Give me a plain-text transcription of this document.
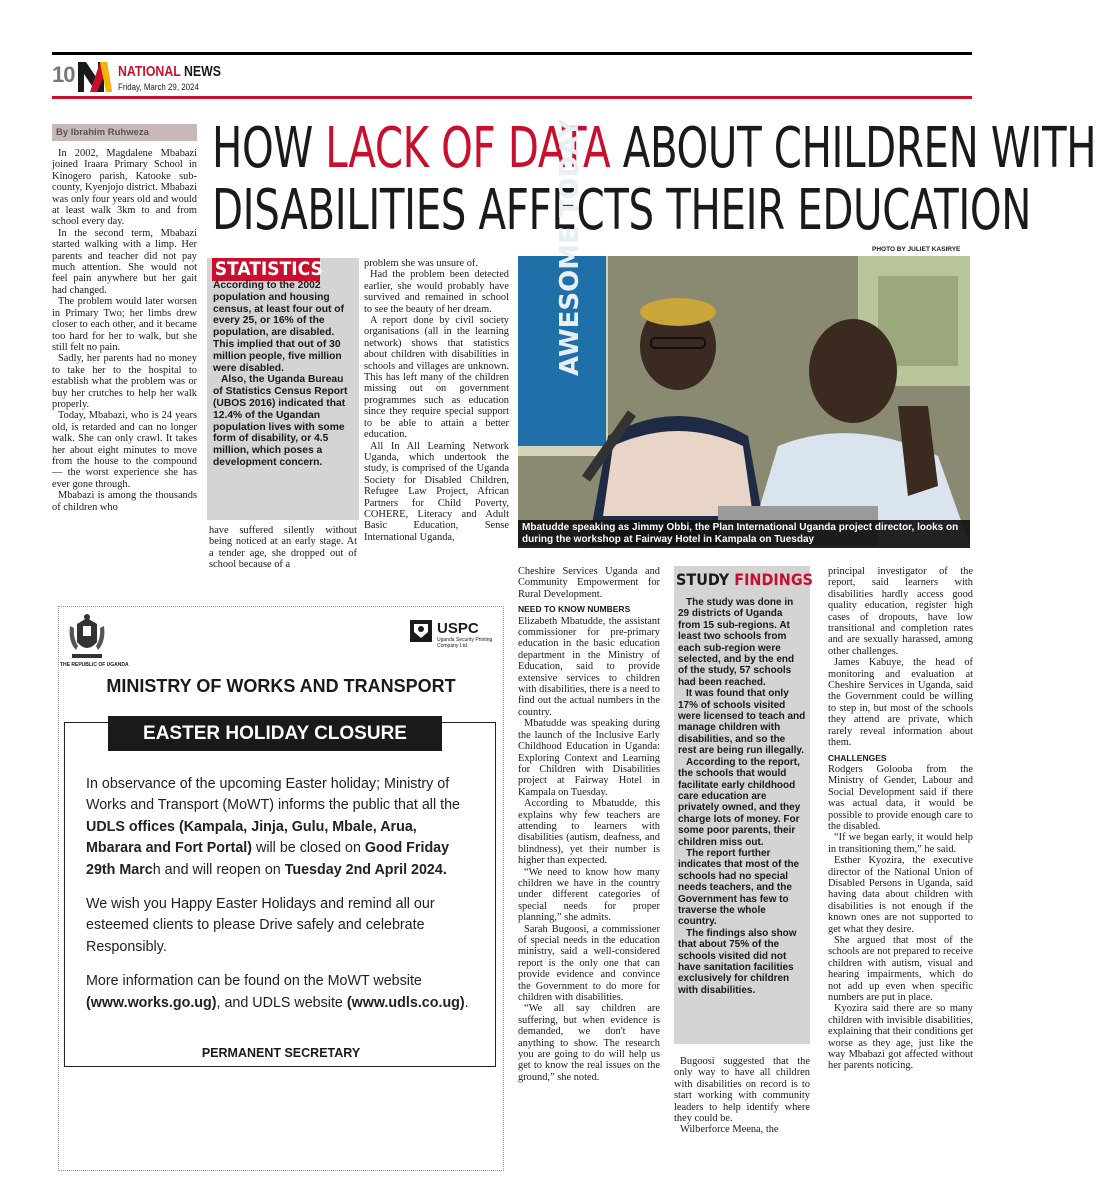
10	NATIONAL NEWS
Friday, March 29, 2024
By Ibrahim Ruhweza

In 2002, Magdalene Mbabazi joined Iraara Primary School in Kinogero parish, Katooke sub-county, Kyenjojo district. Mbabazi was only four years old and would at least walk 3km to and from school every day.

In the second term, Mbabazi started walking with a limp. Her parents and teacher did not pay much attention. She would not feel pain anywhere but her gait had changed.

The problem would later worsen in Primary Two; her limbs drew closer to each other, and it became too hard for her to walk, but she still felt no pain.

Sadly, her parents had no money to take her to the hospital to establish what the problem was or buy her crutches to help her walk properly.

Today, Mbabazi, who is 24 years old, is retarded and can no longer walk. She can only crawl. It takes her about eight minutes to move from the house to the compound — the worst experience she has ever gone through.

Mbabazi is among the thousands of children who

HOW LACK OF DATA ABOUT CHILDREN WITH
DISABILITIES AFFECTS THEIR EDUCATION
PHOTO BY JULIET KASIRYE
STATISTICS

According to the 2002 population and housing census, at least four out of every 25, or 16% of the population, are disabled. This implied that out of 30 million people, five million were disabled.

Also, the Uganda Bureau of Statistics Census Report (UBOS 2016) indicated that 12.4% of the Ugandan population lives with some form of disability, or 4.5 million, which poses a development concern.

have suffered silently without being noticed at an early stage. At a tender age, she dropped out of school because of a

problem she was unsure of.

Had the problem been detected earlier, she would probably have survived and remained in school to see the beauty of her dream.

A report done by civil society organisations (all in the learning network) shows that statistics about children with disabilities in schools and villages are unknown. This has left many of the children missing out on government programmes such as education since they require special support to be able to attain a better education.

All In All Learning Network Uganda, which undertook the study, is comprised of the Uganda Society for Disabled Children, Refugee Law Project, African Partners for Child Poverty, COHERE, Literacy and Adult Basic Education, Sense International Uganda,

AWESOME TODAY
Mbatudde speaking as Jimmy Obbi, the Plan International Uganda project director, looks on during the workshop at Fairway Hotel in Kampala on Tuesday

Cheshire Services Uganda and Community Empowerment for Rural Development.

NEED TO KNOW NUMBERS

Elizabeth Mbatudde, the assistant commissioner for pre-primary education in the basic education department in the Ministry of Education, said to provide extensive services to children with disabilities, there is a need to find out the actual numbers in the country.

Mbatudde was speaking during the launch of the Inclusive Early Childhood Education in Uganda: Exploring Context and Learning for Children with Disabilities project at Fairway Hotel in Kampala on Tuesday.

According to Mbatudde, this explains why few teachers are attending to learners with disabilities (autism, deafness, and blindness), yet their number is higher than expected.

“We need to know how many children we have in the country under different categories of special needs for proper planning,” she admits.

Sarah Bugoosi, a commissioner of special needs in the education ministry, said a well-considered report is the only one that can provide evidence and convince the Government to do more for children with disabilities.

“We all say children are suffering, but when evidence is demanded, we don't have anything to show. The research you are going to do will help us get to know the real issues on the ground,” she noted.

STUDY FINDINGS

The study was done in 29 districts of Uganda from 15 sub-regions. At least two schools from each sub-region were selected, and by the end of the study, 57 schools had been reached.

It was found that only 17% of schools visited were licensed to teach and manage children with disabilities, and so the rest are being run illegally.

According to the report, the schools that would facilitate early childhood care education are privately owned, and they charge lots of money. For some poor parents, their children miss out.

The report further indicates that most of the schools had no special needs teachers, and the Government has few to traverse the whole country.

The findings also show that about 75% of the schools visited did not have sanitation facilities exclusively for children with disabilities.

Bugoosi suggested that the only way to have all children with disabilities on record is to start working with community leaders to help identify where they could be.

Wilberforce Meena, the

principal investigator of the report, said learners with disabilities hardly access good quality education, register high cases of dropouts, have low transitional and completion rates and are sexually harassed, among other challenges.

James Kabuye, the head of monitoring and evaluation at Cheshire Services in Uganda, said the Government could be willing to step in, but most of the schools they attend are private, which rarely reveal information about them.

CHALLENGES

Rodgers Golooba from the Ministry of Gender, Labour and Social Development said if there was actual data, it would be possible to provide enough care to the disabled.

“If we began early, it would help in transitioning them,” he said.

Esther Kyozira, the executive director of the National Union of Disabled Persons in Uganda, said having data about children with disabilities is not enough if the known ones are not supported to get what they desire.

She argued that most of the schools are not prepared to receive children with autism, visual and hearing impairments, which do not add up even when specific numbers are put in place.

Kyozira said there are so many children with invisible disabilities, explaining that their conditions get worse as they age, just like the way Mbabazi got affected without her parents noticing.

THE REPUBLIC OF UGANDA
USPC
Uganda Security Printing Company Ltd.
MINISTRY OF WORKS AND TRANSPORT
EASTER HOLIDAY CLOSURE

In observance of the upcoming Easter holiday; Ministry of Works and Transport (MoWT) informs the public that all the UDLS offices (Kampala, Jinja, Gulu, Mbale, Arua, Mbarara and Fort Portal) will be closed on Good Friday 29th March and will reopen on Tuesday 2nd April 2024.

We wish you Happy Easter Holidays and remind all our esteemed clients to please Drive safely and celebrate Responsibly.

More information can be found on the MoWT website (www.works.go.ug), and UDLS website (www.udls.co.ug).

PERMANENT SECRETARY
